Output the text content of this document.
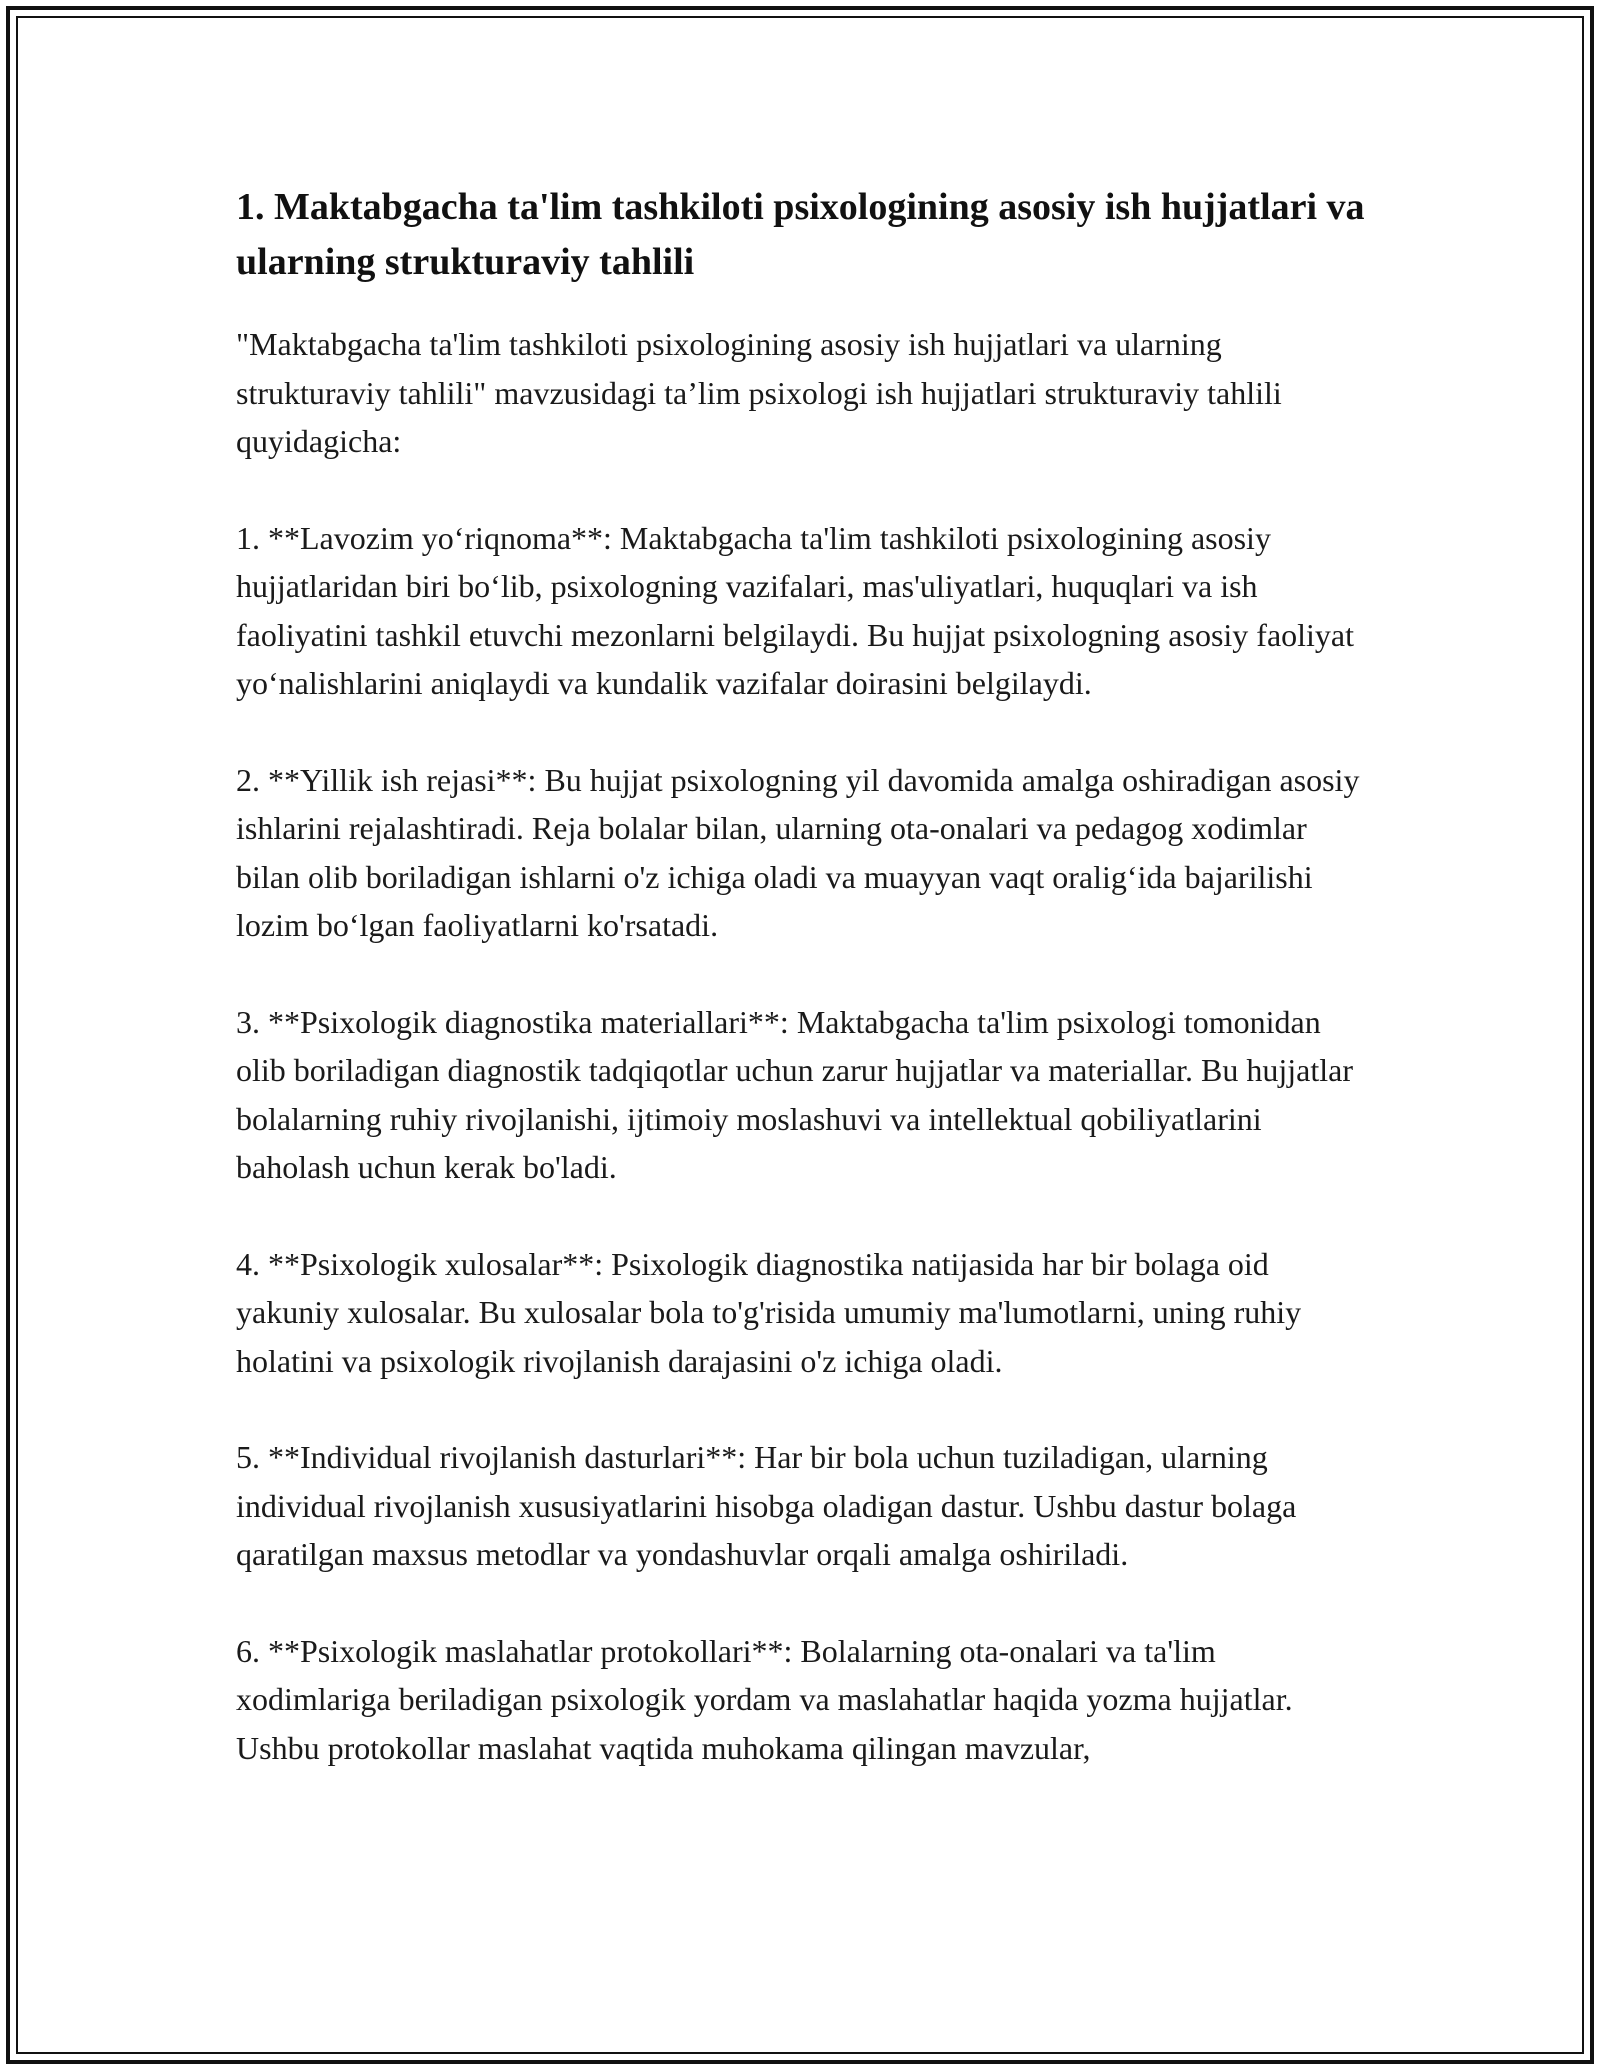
1. Maktabgacha ta'lim tashkiloti psixologining asosiy ish hujjatlari va ularning strukturaviy tahlili

"Maktabgacha ta'lim tashkiloti psixologining asosiy ish hujjatlari va ularning strukturaviy tahlili" mavzusidagi ta’lim psixologi ish hujjatlari strukturaviy tahlili quyidagicha:

1. **Lavozim yo‘riqnoma**: Maktabgacha ta'lim tashkiloti psixologining asosiy hujjatlaridan biri bo‘lib, psixologning vazifalari, mas'uliyatlari, huquqlari va ish faoliyatini tashkil etuvchi mezonlarni belgilaydi. Bu hujjat psixologning asosiy faoliyat yo‘nalishlarini aniqlaydi va kundalik vazifalar doirasini belgilaydi.

2. **Yillik ish rejasi**: Bu hujjat psixologning yil davomida amalga oshiradigan asosiy ishlarini rejalashtiradi. Reja bolalar bilan, ularning ota-onalari va pedagog xodimlar bilan olib boriladigan ishlarni o'z ichiga oladi va muayyan vaqt oralig‘ida bajarilishi lozim bo‘lgan faoliyatlarni ko'rsatadi.

3. **Psixologik diagnostika materiallari**: Maktabgacha ta'lim psixologi tomonidan olib boriladigan diagnostik tadqiqotlar uchun zarur hujjatlar va materiallar. Bu hujjatlar bolalarning ruhiy rivojlanishi, ijtimoiy moslashuvi va intellektual qobiliyatlarini baholash uchun kerak bo'ladi.

4. **Psixologik xulosalar**: Psixologik diagnostika natijasida har bir bolaga oid yakuniy xulosalar. Bu xulosalar bola to'g'risida umumiy ma'lumotlarni, uning ruhiy holatini va psixologik rivojlanish darajasini o'z ichiga oladi.

5. **Individual rivojlanish dasturlari**: Har bir bola uchun tuziladigan, ularning individual rivojlanish xususiyatlarini hisobga oladigan dastur. Ushbu dastur bolaga qaratilgan maxsus metodlar va yondashuvlar orqali amalga oshiriladi.

6. **Psixologik maslahatlar protokollari**: Bolalarning ota-onalari va ta'lim xodimlariga beriladigan psixologik yordam va maslahatlar haqida yozma hujjatlar. Ushbu protokollar maslahat vaqtida muhokama qilingan mavzular,
